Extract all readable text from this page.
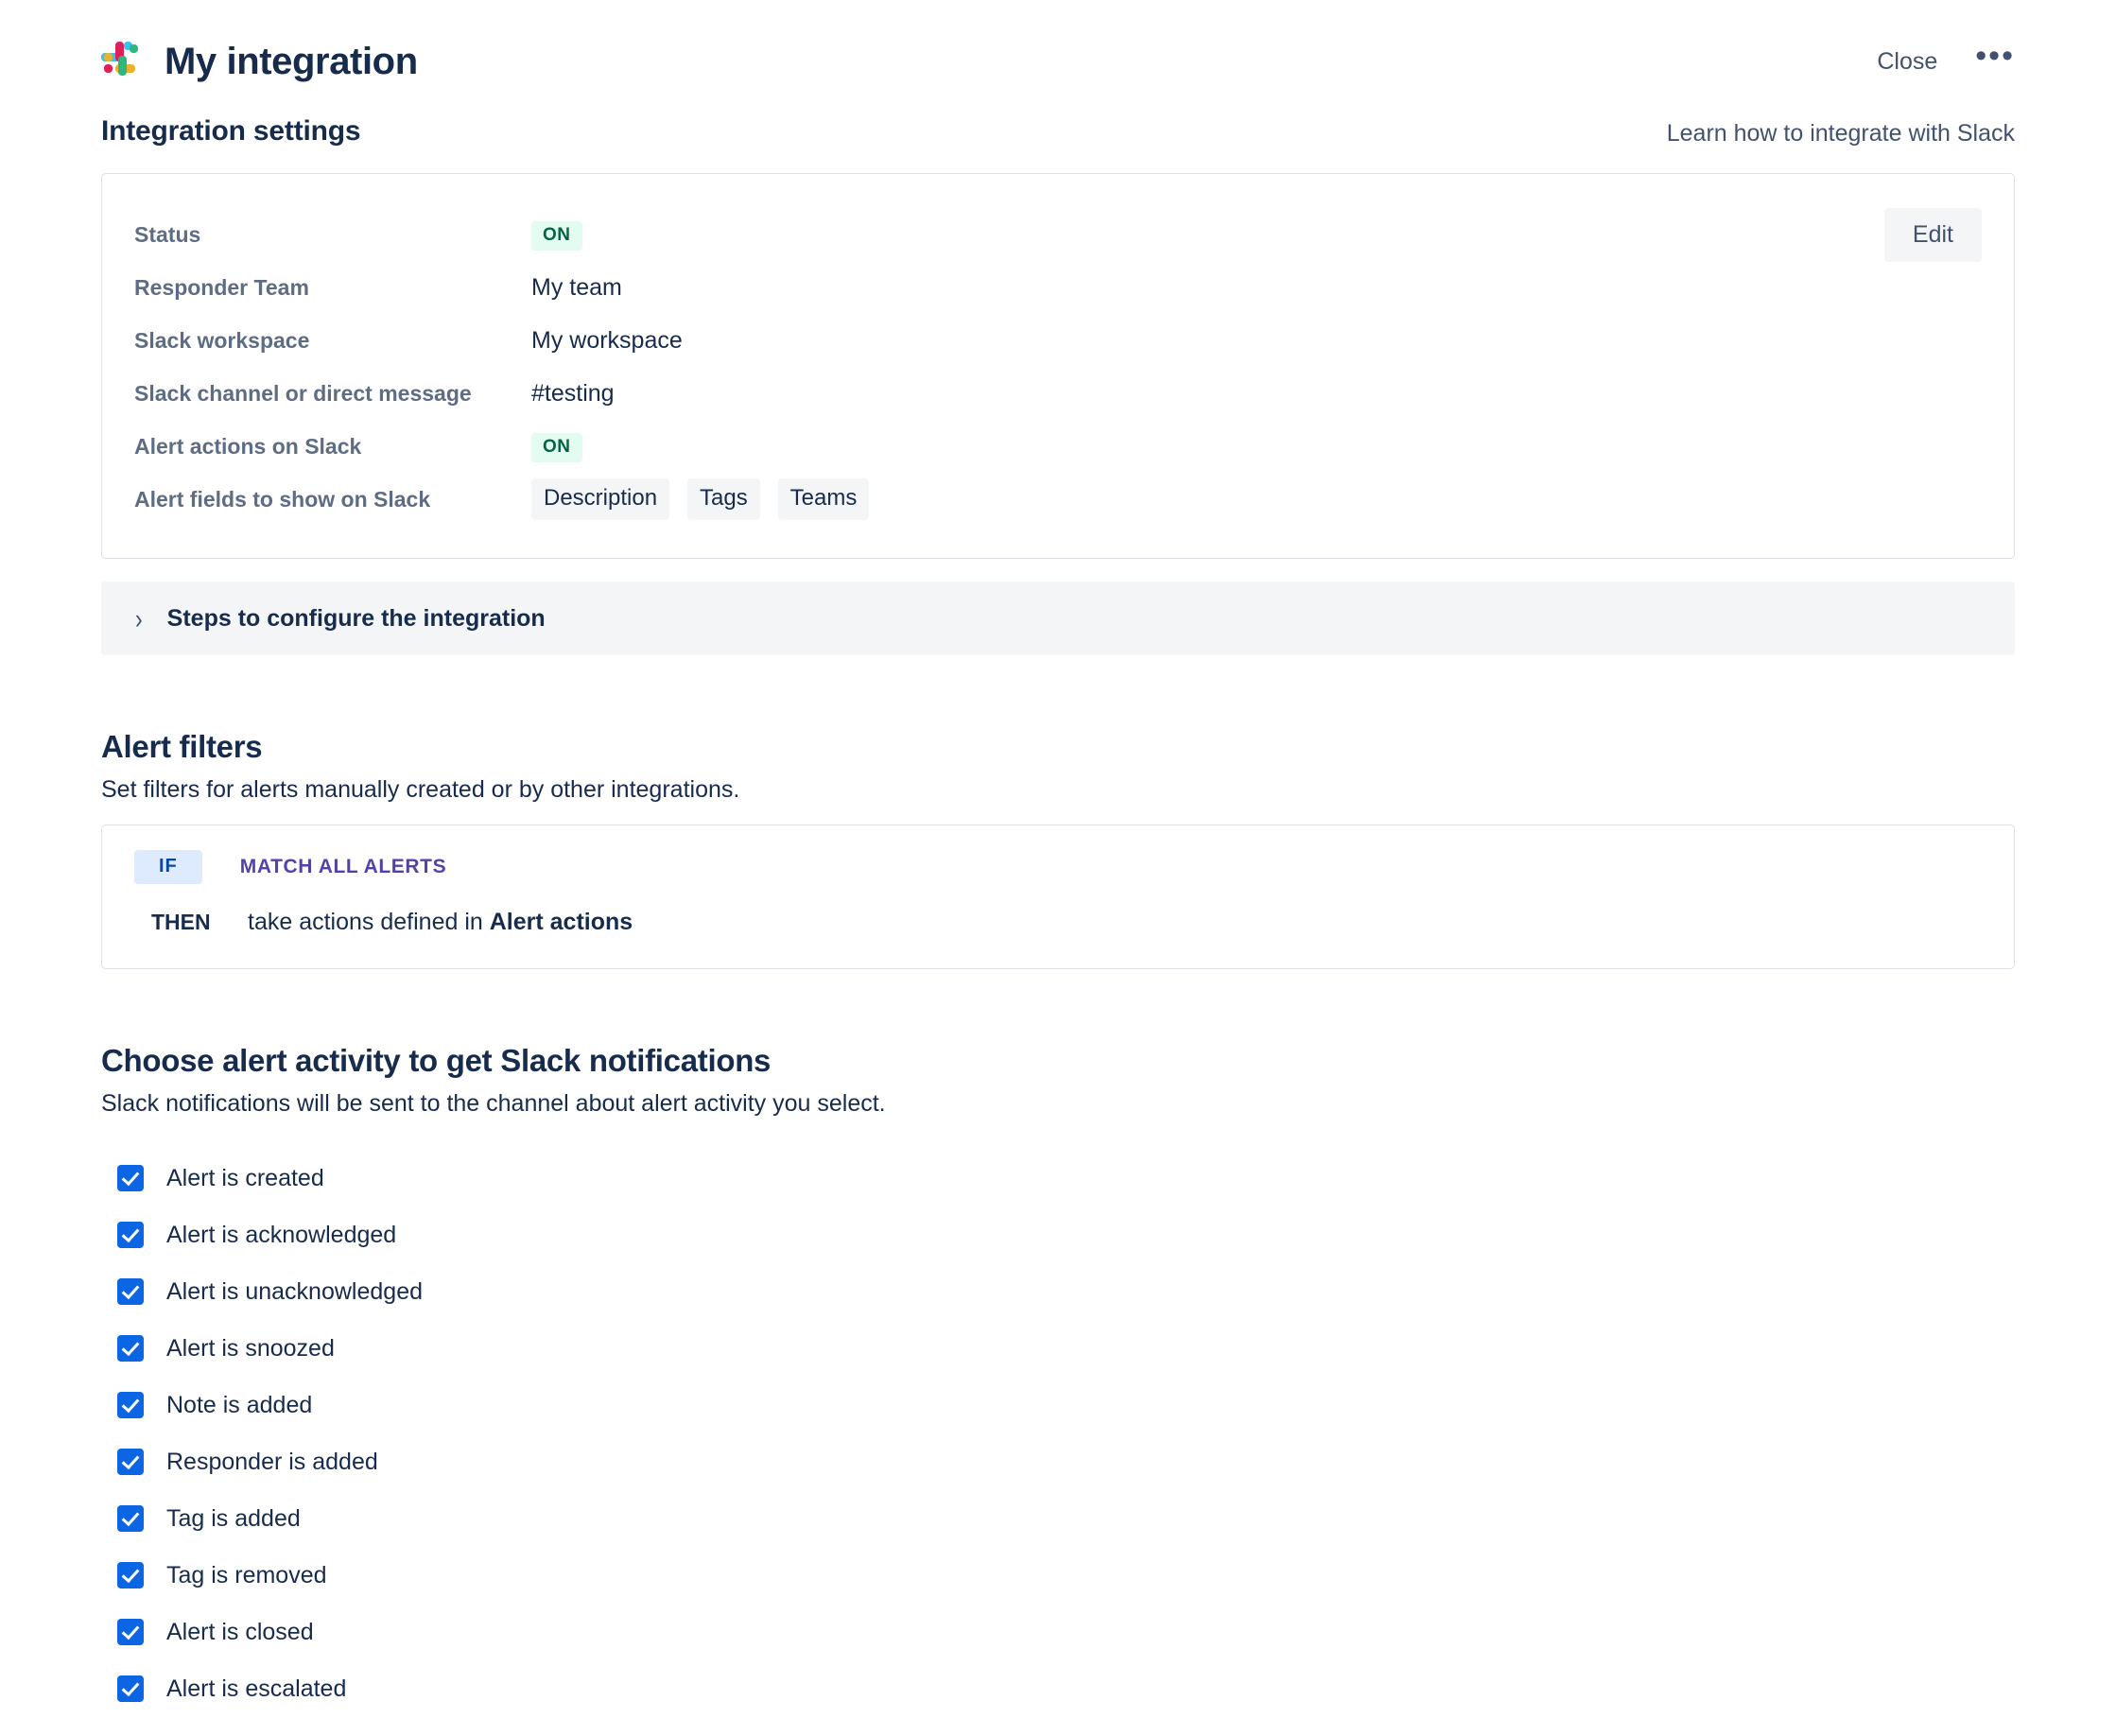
My integration	Close •••
Integration settings	Learn how to integrate with Slack
Edit
Status	ON
Responder Team	My team
Slack workspace	My workspace
Slack channel or direct message	#testing
Alert actions on Slack	ON
Alert fields to show on Slack	Description Tags Teams
› Steps to configure the integration
Alert filters
Set filters for alerts manually created or by other integrations.
IF	MATCH ALL ALERTS
THEN	take actions defined in Alert actions
Choose alert activity to get Slack notifications
Slack notifications will be sent to the channel about alert activity you select.
Alert is created
Alert is acknowledged
Alert is unacknowledged
Alert is snoozed
Note is added
Responder is added
Tag is added
Tag is removed
Alert is closed
Alert is escalated
